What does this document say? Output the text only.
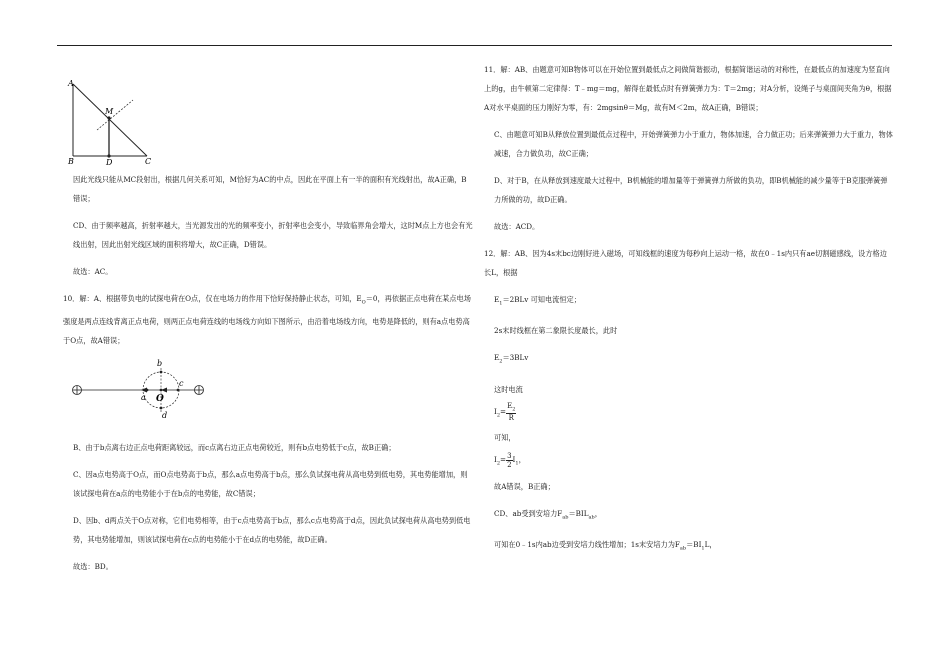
A
M
B	D	C

因此光线只能从MC段射出，根据几何关系可知，M恰好为AC的中点，因此在平面上有一半的面积有光线射出，故A正确，B错误；

CD、由于频率越高，折射率越大，当光源发出的光的频率变小，折射率也会变小，导致临界角会增大，这时M点上方也会有光线出射，因此出射光线区域的面积将增大，故C正确，D错误。

故选：AC。

10．解：A、根据带负电的试探电荷在O点，仅在电场力的作用下恰好保持静止状态，可知，$E_O=0$，再依据正点电荷在某点电场强度是两点连线背离正点电荷，则两正点电荷连线的电场线方向如下图所示，由沿着电场线方向，电势是降低的，则有a点电势高于O点，故A错误；

b
c
O
a
d

B、由于b点离右边正点电荷距离较远，而c点离右边正点电荷较近，则有b点电势低于c点，故B正确；

C、因a点电势高于O点，而O点电势高于b点，那么a点电势高于b点，那么负试探电荷从高电势到低电势，其电势能增加，则该试探电荷在a点的电势能小于在b点的电势能，故C错误；

D、因b、d两点关于O点对称，它们电势相等，由于c点电势高于b点，那么c点电势高于d点，因此负试探电荷从高电势到低电势，其电势能增加，则该试探电荷在c点的电势能小于在d点的电势能，故D正确。

故选：BD。

11．解：AB、由题意可知B物体可以在开始位置到最低点之间做简谐振动，根据简谐运动的对称性，在最低点的加速度为竖直向上的g，由牛顿第二定律得：T﹣mg＝mg，解得在最低点时有弹簧弹力为：T＝2mg；对A分析，设绳子与桌面间夹角为θ，根据A对水平桌面的压力刚好为零，有：2mgsinθ＝Mg，故有M＜2m，故A正确，B错误；

C、由题意可知B从释放位置到最低点过程中，开始弹簧弹力小于重力，物体加速，合力做正功；后来弹簧弹力大于重力，物体减速，合力做负功，故C正确；

D、对于B，在从释放到速度最大过程中，B机械能的增加量等于弹簧弹力所做的负功，即B机械能的减少量等于B克服弹簧弹力所做的功，故D正确。

故选：ACD。

12．解：AB、因为4s末bc边刚好进入磁场，可知线框的速度为每秒向上运动一格，故在0﹣1s内只有ae切割磁感线，设方格边长L，根据

$E_1=2BLv$ 可知电流恒定；

2s末时线框在第二象限长度最长，此时

$E_2=3BLv$

这时电流

$I_2= \frac{E_2}{R}$

可知，

$I_2= \frac{3}{2} I_1$，

故A错误，B正确；

CD、ab受到安培力$F_{ab}=BIL_{ab}$，

可知在0﹣1s内ab边受到安培力线性增加；1s末安培力为$F_{ab}=BI_1L$，
